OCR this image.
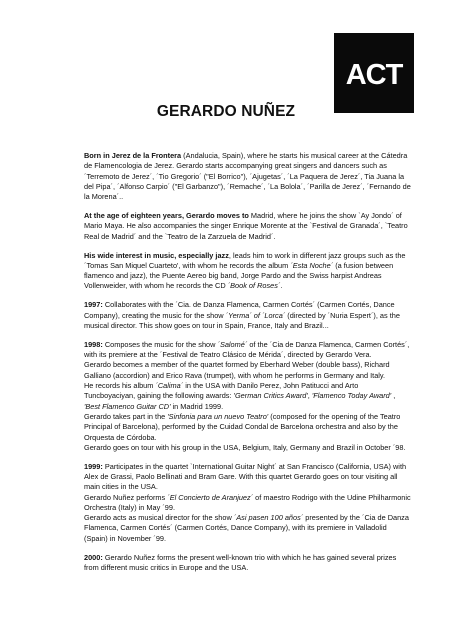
ACT
GERARDO NUÑEZ

Born in Jerez de la Frontera (Andalucia, Spain), where he starts his musical career at the Cátedra
de Flamencologia de Jerez. Gerardo starts accompanying great singers and dancers such as
´Terremoto de Jerez´, ´Tio Gregorio´ ("El Borrico"), ´Ajugetas´, ´La Paquera de Jerez´, Tia Juana la
del Pipa´, ´Alfonso Carpio´ ("El Garbanzo"), ´Remache´, ´La Bolola´, ´Parilla de Jerez´, ´Fernando de
la Morena´..

At the age of eighteen years, Gerardo moves to Madrid, where he joins the show `Ay Jondo´ of
Mario Maya. He also accompanies the singer Enrique Morente at the `Festival de Granada´, `Teatro
Real de Madrid´ and the `Teatro de la Zarzuela de Madrid´.

His wide interest in music, especially jazz, leads him to work in different jazz groups such as the
´Tomas San Miquel Cuarteto', with whom he records the album ´Esta Noche´ (a fusion between
flamenco and jazz), the Puente Aereo big band, Jorge Pardo and the Swiss harpist Andreas
Vollenweider, with whom he records the CD ´Book of Roses´.

1997: Collaborates with the ´Cia. de Danza Flamenca, Carmen Cortés´ (Carmen Cortés, Dance
Company), creating the music for the show ´Yerma´ of ´Lorca´ (directed by ´Nuria Espert´), as the
musical director. This show goes on tour in Spain, France, Italy and Brazil...

1998: Composes the music for the show ´Salomé´ of the ´Cia de Danza Flamenca, Carmen Cortés´,
with its premiere at the ´Festival de Teatro Clásico de Mérida´, directed by Gerardo Vera.
Gerardo becomes a member of the quartet formed by Eberhard Weber (double bass), Richard
Galliano (accordion) and Erico Rava (trumpet), with whom he performs in Germany and Italy.
He records his album ´Calima´ in the USA with Danilo Perez, John Patitucci and Arto
Tuncboyaciyan, gaining the following awards: 'German Critics Award', 'Flamenco Today Award' ,
'Best Flamenco Guitar CD' in Madrid 1999.
Gerardo takes part in the 'Sinfonia para un nuevo Teatro' (composed for the opening of the Teatro
Principal of Barcelona), performed by the Cuidad Condal de Barcelona orchestra and also by the
Orquesta de Córdoba.
Gerardo goes on tour with his group in the USA, Belgium, Italy, Germany and Brazil in October ´98.

1999: Participates in the quartet `International Guitar Night´ at San Francisco (California, USA) with
Alex de Grassi, Paolo Bellinati and Bram Gare. With this quartet Gerardo goes on tour visiting all
main cities in the USA.
Gerardo Nuñez performs ´El Concierto de Aranjuez´ of maestro Rodrigo with the Udine Philharmonic
Orchestra (Italy) in May ´99.
Gerardo acts as musical director for the show ´Asi pasen 100 años´ presented by the ´Cia de Danza
Flamenca, Carmen Cortés´ (Carmen Cortés, Dance Company), with its premiere in Valladolid
(Spain) in November ´99.

2000: Gerardo Nuñez forms the present well-known trio with which he has gained several prizes
from different music critics in Europe and the USA.
